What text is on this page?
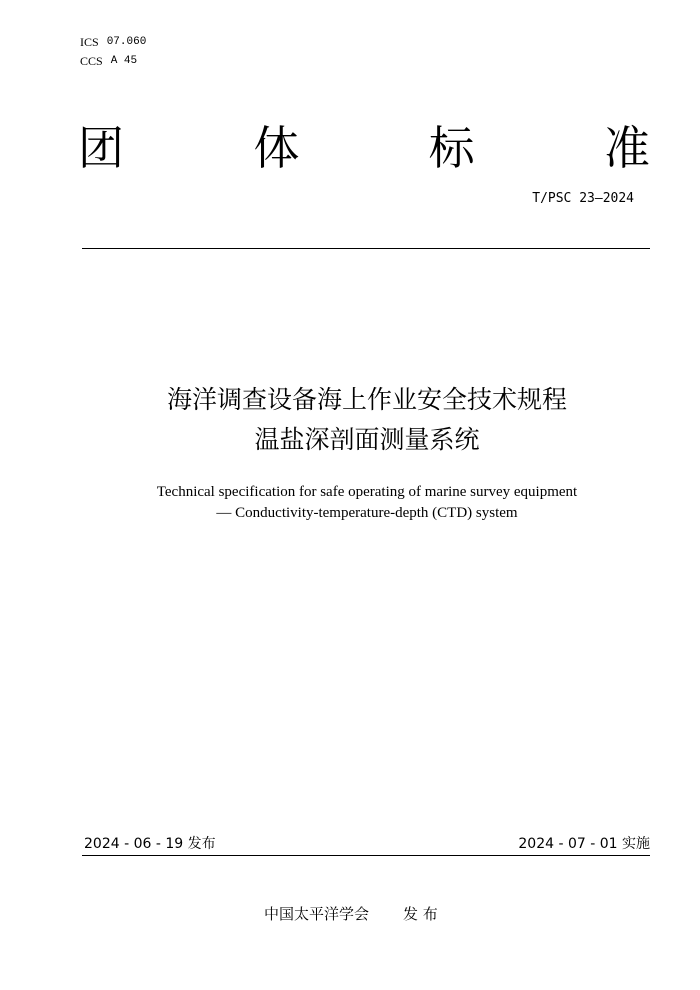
ICS 07.060
CCS A 45
团	体	标	准
T/PSC 23—2024
海洋调查设备海上作业安全技术规程
温盐深剖面测量系统
Technical specification for safe operating of marine survey equipment
— Conductivity-temperature-depth (CTD) system
2024 - 06 - 19 发布	2024 - 07 - 01 实施
中国太平洋学会 发 布
